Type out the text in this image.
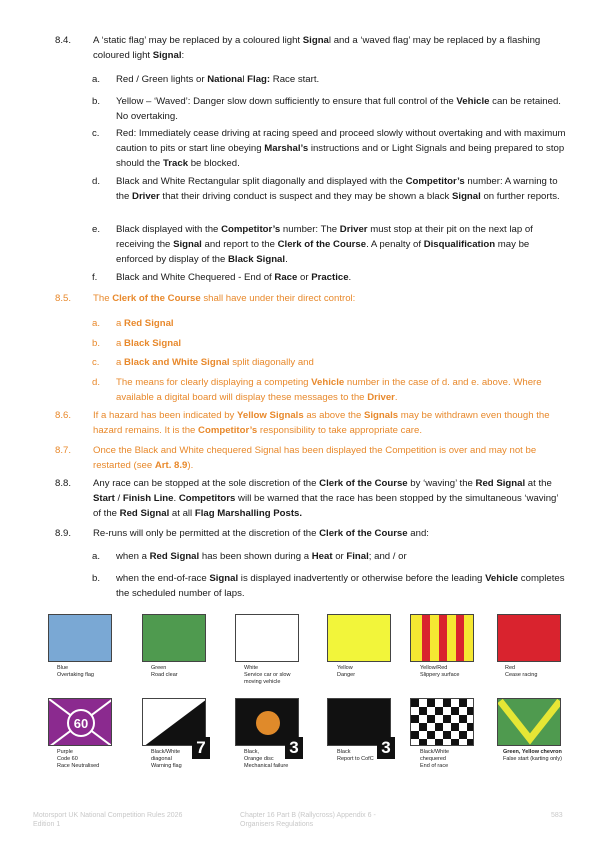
8.4. A ‘static flag’ may be replaced by a coloured light Signal and a ‘waved flag’ may be replaced by a flashing coloured light Signal:
a. Red / Green lights or National Flag: Race start.
b. Yellow – ‘Waved’: Danger slow down sufficiently to ensure that full control of the Vehicle can be retained. No overtaking.
c. Red: Immediately cease driving at racing speed and proceed slowly without overtaking and with maximum caution to pits or start line obeying Marshal’s instructions and or Light Signals and being prepared to stop should the Track be blocked.
d. Black and White Rectangular split diagonally and displayed with the Competitor’s number: A warning to the Driver that their driving conduct is suspect and they may be shown a black Signal on further reports.
e. Black displayed with the Competitor’s number: The Driver must stop at their pit on the next lap of receiving the Signal and report to the Clerk of the Course. A penalty of Disqualification may be enforced by display of the Black Signal.
f. Black and White Chequered - End of Race or Practice.
8.5. The Clerk of the Course shall have under their direct control:
a. a Red Signal
b. a Black Signal
c. a Black and White Signal split diagonally and
d. The means for clearly displaying a competing Vehicle number in the case of d. and e. above. Where available a digital board will display these messages to the Driver.
8.6. If a hazard has been indicated by Yellow Signals as above the Signals may be withdrawn even though the hazard remains. It is the Competitor’s responsibility to take appropriate care.
8.7. Once the Black and White chequered Signal has been displayed the Competition is over and may not be restarted (see Art. 8.9).
8.8. Any race can be stopped at the sole discretion of the Clerk of the Course by ‘waving’ the Red Signal at the Start / Finish Line. Competitors will be warned that the race has been stopped by the simultaneous ‘waving’ of the Red Signal at all Flag Marshalling Posts.
8.9. Re-runs will only be permitted at the discretion of the Clerk of the Course and:
a. when a Red Signal has been shown during a Heat or Final; and / or
b. when the end-of-race Signal is displayed inadvertently or otherwise before the leading Vehicle completes the scheduled number of laps.
Blue
Overtaking flag
Green
Road clear
White
Service car or slow
moving vehicle
Yellow
Danger
Yellow/Red
Slippery surface
Red
Cease racing
60
Purple
Code 60
Race Neutralised
7
Black/White
diagonal
Warning flag
3
Black,
Orange disc
Mechanical failure
3
Black
Report to CofC
Black/White
chequered
End of race
Green, Yellow chevron
False start (karting only)
Motorsport UK National Competition Rules 2026
Edition 1
Chapter 16 Part B (Rallycross) Appendix 6 -
Organisers Regulations
583
